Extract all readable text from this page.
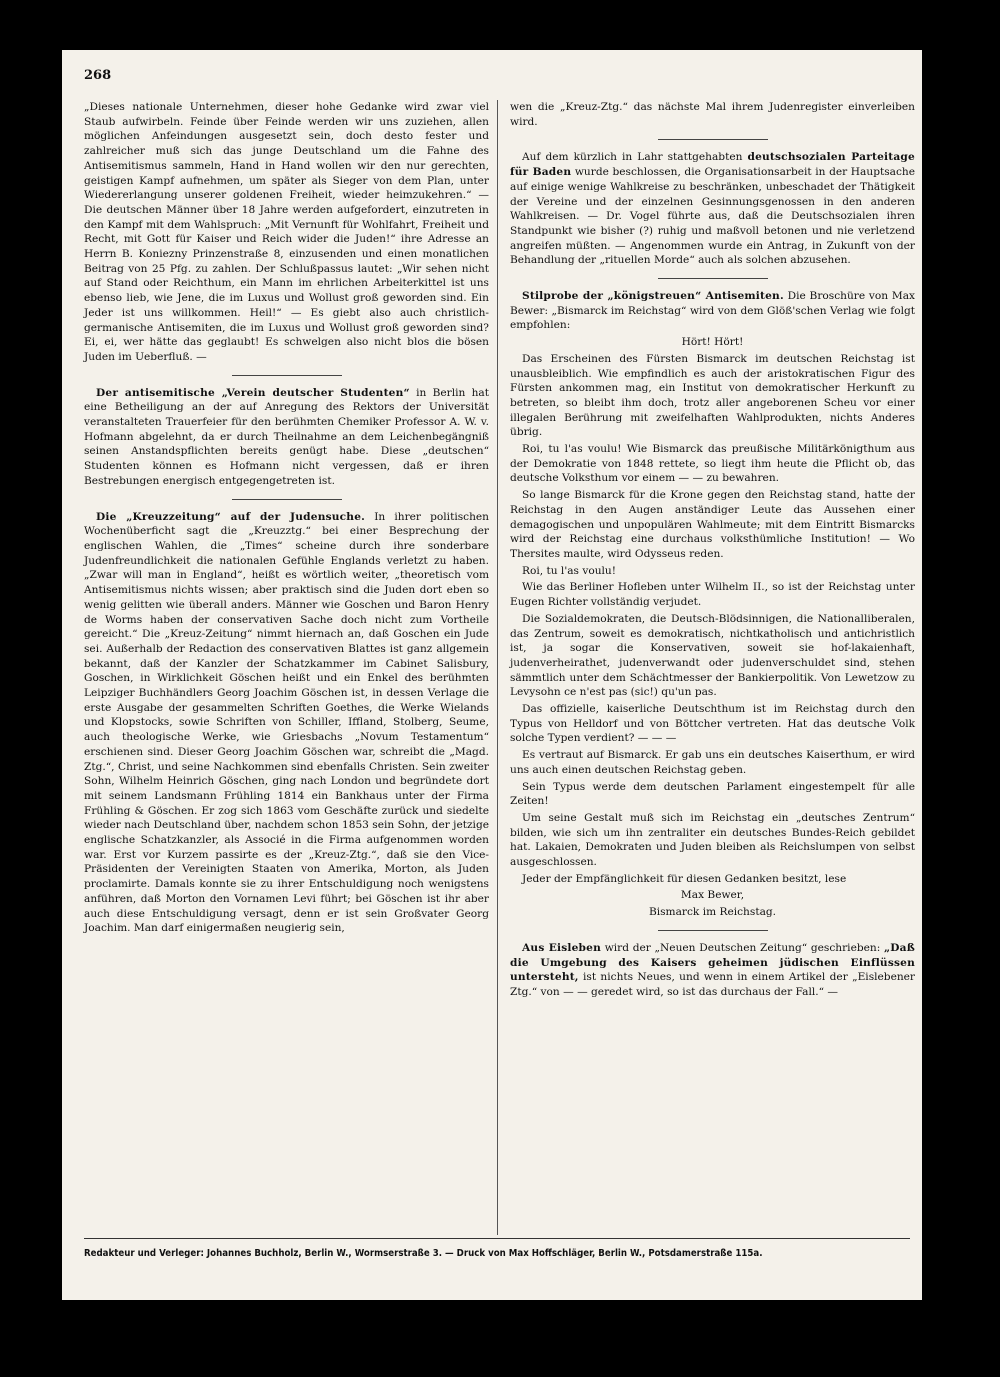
268

„Dieses nationale Unternehmen, dieser hohe Gedanke wird zwar viel Staub aufwirbeln. Feinde über Feinde werden wir uns zuziehen, allen möglichen Anfeindungen ausgesetzt sein, doch desto fester und zahlreicher muß sich das junge Deutschland um die Fahne des Antisemitismus sammeln, Hand in Hand wollen wir den nur gerechten, geistigen Kampf aufnehmen, um später als Sieger von dem Plan, unter Wiedererlangung unserer goldenen Freiheit, wieder heimzukehren.“ — Die deutschen Männer über 18 Jahre werden aufgefordert, einzutreten in den Kampf mit dem Wahlspruch: „Mit Vernunft für Wohlfahrt, Freiheit und Recht, mit Gott für Kaiser und Reich wider die Juden!“ ihre Adresse an Herrn B. Koniezny Prinzenstraße 8, einzusenden und einen monatlichen Beitrag von 25 Pfg. zu zahlen. Der Schlußpassus lautet: „Wir sehen nicht auf Stand oder Reichthum, ein Mann im ehrlichen Arbeiterkittel ist uns ebenso lieb, wie Jene, die im Luxus und Wollust groß geworden sind. Ein Jeder ist uns willkommen. Heil!“ — Es giebt also auch christlich-germanische Antisemiten, die im Luxus und Wollust groß geworden sind? Ei, ei, wer hätte das geglaubt! Es schwelgen also nicht blos die bösen Juden im Ueberfluß. —

Der antisemitische „Verein deutscher Studenten“ in Berlin hat eine Betheiligung an der auf Anregung des Rektors der Universität veranstalteten Trauerfeier für den berühmten Chemiker Professor A. W. v. Hofmann abgelehnt, da er durch Theilnahme an dem Leichenbegängniß seinen Anstandspflichten bereits genügt habe. Diese „deutschen“ Studenten können es Hofmann nicht vergessen, daß er ihren Bestrebungen energisch entgegengetreten ist.

Die „Kreuzzeitung“ auf der Judensuche. In ihrer politischen Wochenüberficht sagt die „Kreuzztg.“ bei einer Besprechung der englischen Wahlen, die „Times“ scheine durch ihre sonderbare Judenfreundlichkeit die nationalen Gefühle Englands verletzt zu haben. „Zwar will man in England“, heißt es wörtlich weiter, „theoretisch vom Antisemitismus nichts wissen; aber praktisch sind die Juden dort eben so wenig gelitten wie überall anders. Männer wie Goschen und Baron Henry de Worms haben der conservativen Sache doch nicht zum Vortheile gereicht.“ Die „Kreuz-Zeitung“ nimmt hiernach an, daß Goschen ein Jude sei. Außerhalb der Redaction des conservativen Blattes ist ganz allgemein bekannt, daß der Kanzler der Schatzkammer im Cabinet Salisbury, Goschen, in Wirklichkeit Göschen heißt und ein Enkel des berühmten Leipziger Buchhändlers Georg Joachim Göschen ist, in dessen Verlage die erste Ausgabe der gesammelten Schriften Goethes, die Werke Wielands und Klopstocks, sowie Schriften von Schiller, Iffland, Stolberg, Seume, auch theologische Werke, wie Griesbachs „Novum Testamentum“ erschienen sind. Dieser Georg Joachim Göschen war, schreibt die „Magd. Ztg.“, Christ, und seine Nachkommen sind ebenfalls Christen. Sein zweiter Sohn, Wilhelm Heinrich Göschen, ging nach London und begründete dort mit seinem Landsmann Frühling 1814 ein Bankhaus unter der Firma Frühling & Göschen. Er zog sich 1863 vom Geschäfte zurück und siedelte wieder nach Deutschland über, nachdem schon 1853 sein Sohn, der jetzige englische Schatzkanzler, als Associé in die Firma aufgenommen worden war. Erst vor Kurzem passirte es der „Kreuz-Ztg.“, daß sie den Vice-Präsidenten der Vereinigten Staaten von Amerika, Morton, als Juden proclamirte. Damals konnte sie zu ihrer Entschuldigung noch wenigstens anführen, daß Morton den Vornamen Levi führt; bei Göschen ist ihr aber auch diese Entschuldigung versagt, denn er ist sein Großvater Georg Joachim. Man darf einigermaßen neugierig sein,

wen die „Kreuz-Ztg.“ das nächste Mal ihrem Judenregister einverleiben wird.

Auf dem kürzlich in Lahr stattgehabten deutschsozialen Parteitage für Baden wurde beschlossen, die Organisationsarbeit in der Hauptsache auf einige wenige Wahlkreise zu beschränken, unbeschadet der Thätigkeit der Vereine und der einzelnen Gesinnungsgenossen in den anderen Wahlkreisen. — Dr. Vogel führte aus, daß die Deutschsozialen ihren Standpunkt wie bisher (?) ruhig und maßvoll betonen und nie verletzend angreifen müßten. — Angenommen wurde ein Antrag, in Zukunft von der Behandlung der „rituellen Morde“ auch als solchen abzusehen.

Stilprobe der „königstreuen“ Antisemiten. Die Broschüre von Max Bewer: „Bismarck im Reichstag“ wird von dem Glöß'schen Verlag wie folgt empfohlen:

Hört! Hört!

Das Erscheinen des Fürsten Bismarck im deutschen Reichstag ist unausbleiblich. Wie empfindlich es auch der aristokratischen Figur des Fürsten ankommen mag, ein Institut von demokratischer Herkunft zu betreten, so bleibt ihm doch, trotz aller angeborenen Scheu vor einer illegalen Berührung mit zweifelhaften Wahlprodukten, nichts Anderes übrig.

Roi, tu l'as voulu! Wie Bismarck das preußische Militärkönigthum aus der Demokratie von 1848 rettete, so liegt ihm heute die Pflicht ob, das deutsche Volksthum vor einem — — zu bewahren.

So lange Bismarck für die Krone gegen den Reichstag stand, hatte der Reichstag in den Augen anständiger Leute das Aussehen einer demagogischen und unpopulären Wahlmeute; mit dem Eintritt Bismarcks wird der Reichstag eine durchaus volksthümliche Institution! — Wo Thersites maulte, wird Odysseus reden.

Roi, tu l'as voulu!

Wie das Berliner Hofleben unter Wilhelm II., so ist der Reichstag unter Eugen Richter vollständig verjudet.

Die Sozialdemokraten, die Deutsch-Blödsinnigen, die Nationalliberalen, das Zentrum, soweit es demokratisch, nichtkatholisch und antichristlich ist, ja sogar die Konservativen, soweit sie hof-lakaienhaft, judenverheirathet, judenverwandt oder judenverschuldet sind, stehen sämmtlich unter dem Schächtmesser der Bankierpolitik. Von Lewetzow zu Levysohn ce n'est pas (sic!) qu'un pas.

Das offizielle, kaiserliche Deutschthum ist im Reichstag durch den Typus von Helldorf und von Böttcher vertreten. Hat das deutsche Volk solche Typen verdient? — — —

Es vertraut auf Bismarck. Er gab uns ein deutsches Kaiserthum, er wird uns auch einen deutschen Reichstag geben.

Sein Typus werde dem deutschen Parlament eingestempelt für alle Zeiten!

Um seine Gestalt muß sich im Reichstag ein „deutsches Zentrum“ bilden, wie sich um ihn zentraliter ein deutsches Bundes-Reich gebildet hat. Lakaien, Demokraten und Juden bleiben als Reichslumpen von selbst ausgeschlossen.

Jeder der Empfänglichkeit für diesen Gedanken besitzt, lese

Max Bewer,

Bismarck im Reichstag.

Aus Eisleben wird der „Neuen Deutschen Zeitung“ geschrieben: „Daß die Umgebung des Kaisers geheimen jüdischen Einflüssen untersteht, ist nichts Neues, und wenn in einem Artikel der „Eislebener Ztg.“ von — — geredet wird, so ist das durchaus der Fall.“ —

Redakteur und Verleger: Johannes Buchholz, Berlin W., Wormserstraße 3. — Druck von Max Hoffschläger, Berlin W., Potsdamerstraße 115a.
